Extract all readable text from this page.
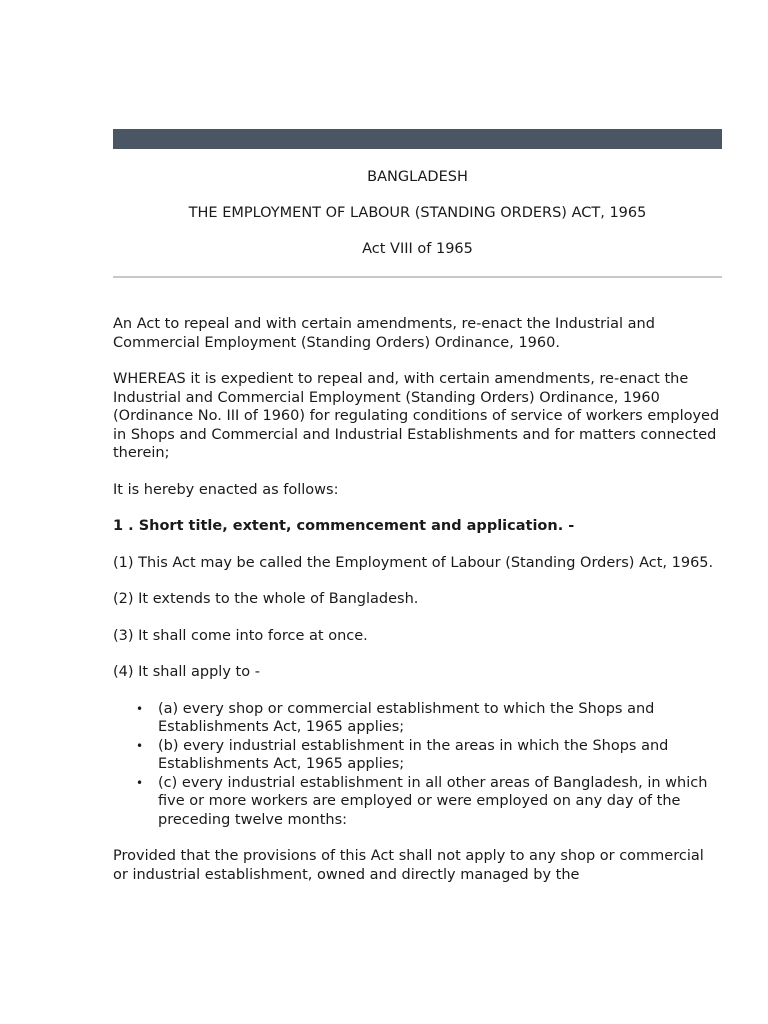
BANGLADESH
THE EMPLOYMENT OF LABOUR (STANDING ORDERS) ACT, 1965
Act VIII of 1965

An Act to repeal and with certain amendments, re-enact the Industrial and Commercial Employment (Standing Orders) Ordinance, 1960.

WHEREAS it is expedient to repeal and, with certain amendments, re-enact the Industrial and Commercial Employment (Standing Orders) Ordinance, 1960 (Ordinance No. III of 1960) for regulating conditions of service of workers employed in Shops and Commercial and Industrial Establishments and for matters connected therein;

It is hereby enacted as follows:

1 . Short title, extent, commencement and application. -

(1) This Act may be called the Employment of Labour (Standing Orders) Act, 1965.

(2) It extends to the whole of Bangladesh.

(3) It shall come into force at once.

(4) It shall apply to -

• (a) every shop or commercial establishment to which the Shops and Establishments Act, 1965 applies;
• (b) every industrial establishment in the areas in which the Shops and Establishments Act, 1965 applies;
• (c) every industrial establishment in all other areas of Bangladesh, in which five or more workers are employed or were employed on any day of the preceding twelve months:

Provided that the provisions of this Act shall not apply to any shop or commercial or industrial establishment, owned and directly managed by the
